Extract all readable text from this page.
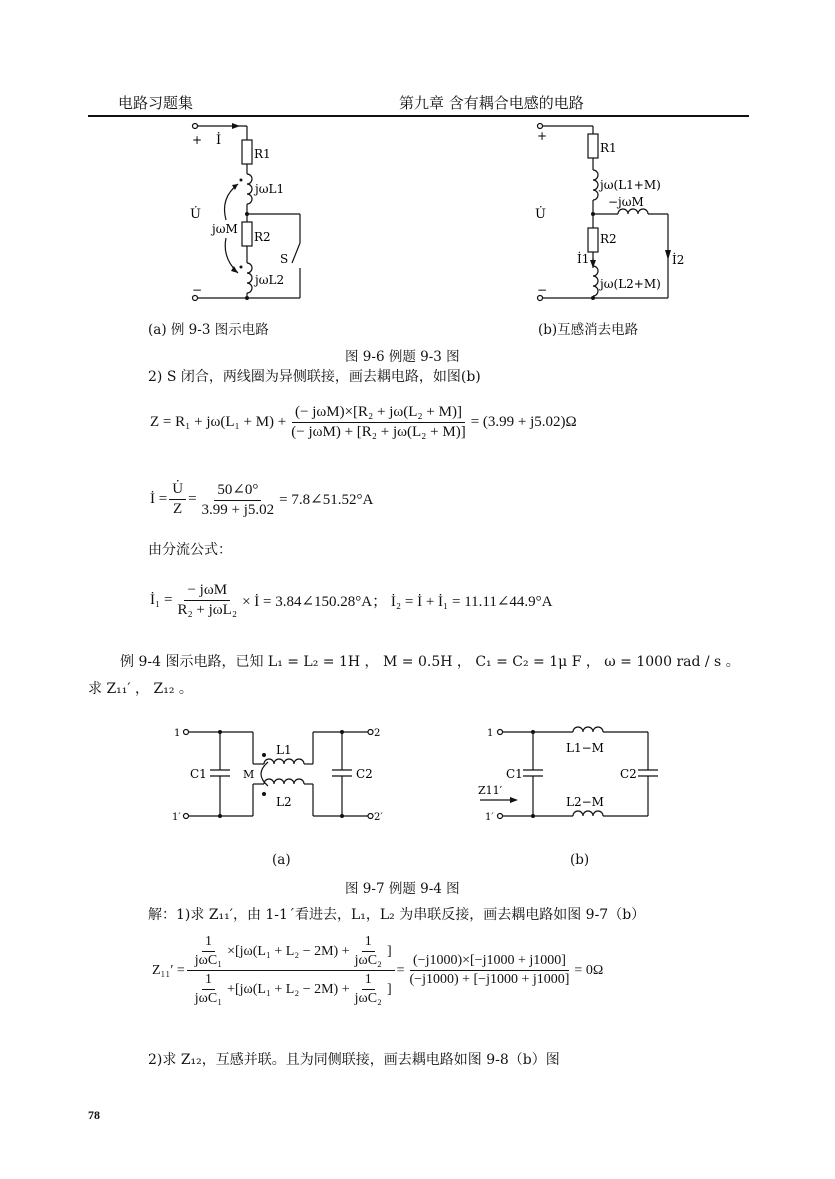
电路习题集	第九章 含有耦合电感的电路
+ İ
R1
jωL1
U̇
jωM
R2
S
jωL2
−
+
R1
jω(L1+M)
−jωM
U̇
R2
İ1	İ2
jω(L2+M)
−
(a) 例 9-3 图示电路	(b)互感消去电路
图 9-6 例题 9-3 图
2) S 闭合，两线圈为异侧联接，画去耦电路，如图(b)
$Z = R_1 + j\omega(L_1 + M) + \frac{\text{(− jωM)×[R₂ + jω(L₂ + M)]}}{\text{(− jωM) + [R₂ + jω(L₂ + M)]}} = (3.99 + j5.02)\Omega$
İ = $\frac{U̇}{Z} = \frac{50\angle 0^\circ}{3.99 + j5.02}$ = 7.8∠51.52°A
由分流公式：
İ₁ = $\frac{\text{− jωM}}{\text{R₂ + jωL₂}}$ × İ = 3.84∠150.28°A； İ₂ = İ + İ₁ = 11.11∠44.9°A
例 9-4 图示电路，已知 L₁ = L₂ = 1H ， M = 0.5H ， C₁ = C₂ = 1μ F ， ω = 1000 rad / s 。
求 Z₁₁′ ， Z₁₂ 。
1
1′
2
2′
C1	C2
L1
L2
M
1
1′
C1	C2
L1−M
L2−M
Z11′
(a)	(b)
图 9-7 例题 9-4 图
解：1)求 Z₁₁′，由 1-1´看进去，L₁，L₂ 为串联反接，画去耦电路如图 9-7（b）
Z₁₁′ =
$\frac{1}{\text{jωC₁}} \times[j\omega(L_1 + L_2 - 2M) + \frac{1}{\text{jωC₂}}$ ]
$\frac{1}{\text{jωC₁}} +[j\omega(L_1 + L_2 - 2M) + \frac{1}{\text{jωC₂}}$ ]
= $\frac{(-j1000)\times[-j1000 + j1000]}{(-j1000) + [-j1000 + j1000]} = 0\Omega$
2)求 Z₁₂，互感并联。且为同侧联接，画去耦电路如图 9-8（b）图
78
